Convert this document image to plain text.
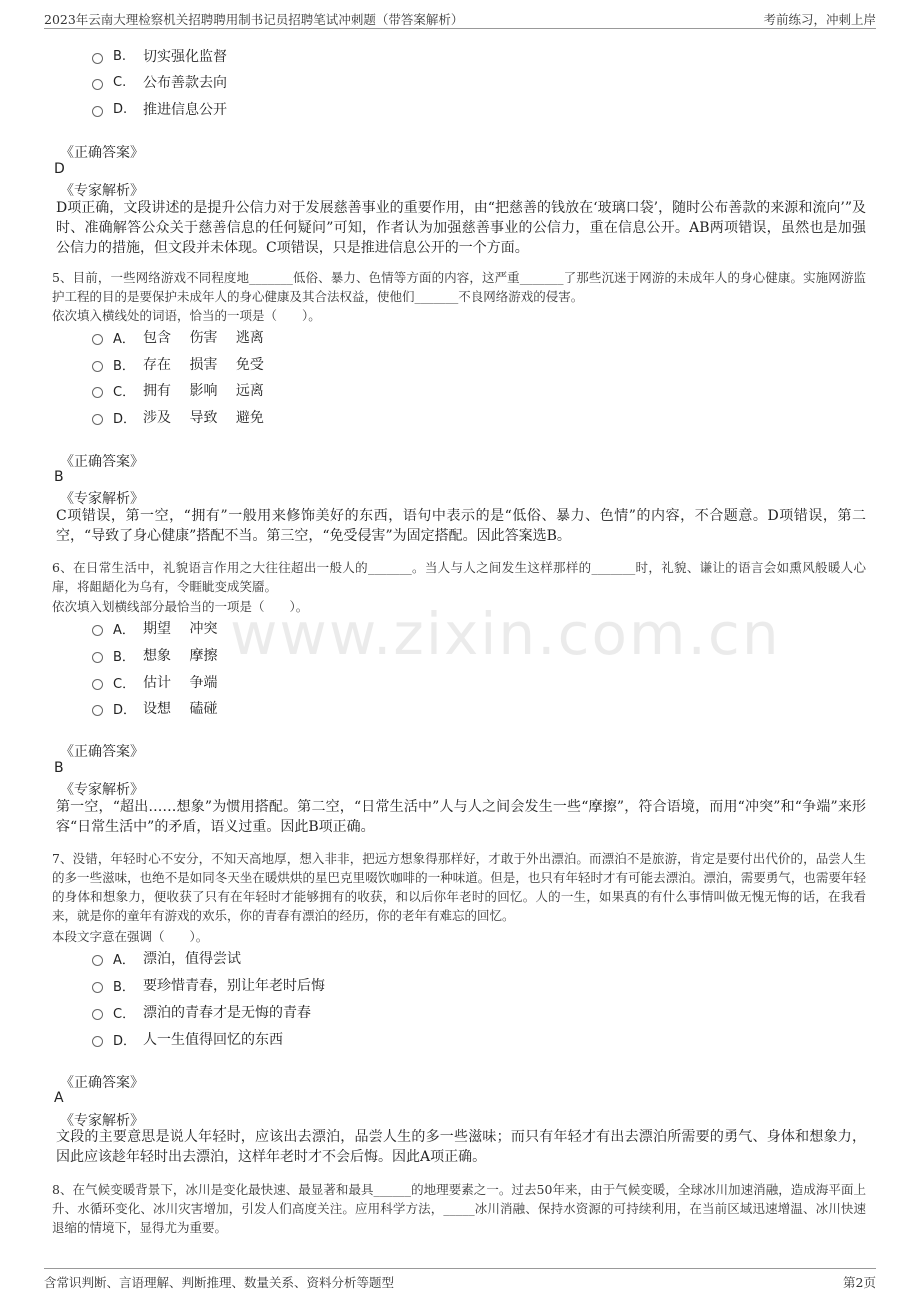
2023年云南大理检察机关招聘聘用制书记员招聘笔试冲刺题（带答案解析）	考前练习，冲刺上岸
www.zixin.com.cn
B.	切实强化监督
C.	公布善款去向
D.	推进信息公开
《正确答案》
D
《专家解析》
D项正确，文段讲述的是提升公信力对于发展慈善事业的重要作用，由“把慈善的钱放在‘玻璃口袋’，随时公布善款的来源和流向’”及时、准确解答公众关于慈善信息的任何疑问”可知，作者认为加强慈善事业的公信力，重在信息公开。AB两项错误，虽然也是加强公信力的措施，但文段并未体现。C项错误，只是推进信息公开的一个方面。
5、目前，一些网络游戏不同程度地_______低俗、暴力、色情等方面的内容，这严重_______了那些沉迷于网游的未成年人的身心健康。实施网游监护工程的目的是要保护未成年人的身心健康及其合法权益，使他们_______不良网络游戏的侵害。
依次填入横线处的词语，恰当的一项是（　　）。
A． 包含　 伤害　 逃离
B． 存在　 损害　 免受
C． 拥有　 影响　 远离
D． 涉及　 导致　 避免
《正确答案》
B
《专家解析》
C项错误，第一空，“拥有”一般用来修饰美好的东西，语句中表示的是“低俗、暴力、色情”的内容，不合题意。D项错误，第二空，“导致了身心健康”搭配不当。第三空，“免受侵害”为固定搭配。因此答案选B。
6、在日常生活中，礼貌语言作用之大往往超出一般人的_______。当人与人之间发生这样那样的_______时，礼貌、谦让的语言会如熏风般暖人心扉，将龃龉化为乌有，令睚眦变成笑靥。
依次填入划横线部分最恰当的一项是（　　）。
A． 期望　 冲突
B． 想象　 摩擦
C． 估计　 争端
D． 设想　 磕碰
《正确答案》
B
《专家解析》
第一空，“超出……想象”为惯用搭配。第二空，“日常生活中”人与人之间会发生一些“摩擦”，符合语境，而用“冲突”和“争端”来形容“日常生活中”的矛盾，语义过重。因此B项正确。
7、没错，年轻时心不安分，不知天高地厚，想入非非，把远方想象得那样好，才敢于外出漂泊。而漂泊不是旅游，肯定是要付出代价的，品尝人生的多一些滋味，也绝不是如同冬天坐在暖烘烘的星巴克里啜饮咖啡的一种味道。但是，也只有年轻时才有可能去漂泊。漂泊，需要勇气，也需要年轻的身体和想象力，便收获了只有在年轻时才能够拥有的收获，和以后你年老时的回忆。人的一生，如果真的有什么事情叫做无愧无悔的话，在我看来，就是你的童年有游戏的欢乐，你的青春有漂泊的经历，你的老年有难忘的回忆。
本段文字意在强调（　　）。
A． 漂泊，值得尝试
B． 要珍惜青春，别让年老时后悔
C． 漂泊的青春才是无悔的青春
D． 人一生值得回忆的东西
《正确答案》
A
《专家解析》
文段的主要意思是说人年轻时，应该出去漂泊，品尝人生的多一些滋味；而只有年轻才有出去漂泊所需要的勇气、身体和想象力，因此应该趁年轻时出去漂泊，这样年老时才不会后悔。因此A项正确。
8、在气候变暖背景下，冰川是变化最快速、最显著和最具______的地理要素之一。过去50年来，由于气候变暖，全球冰川加速消融，造成海平面上升、水循环变化、冰川灾害增加，引发人们高度关注。应用科学方法，_____冰川消融、保持水资源的可持续利用，在当前区域迅速增温、冰川快速退缩的情境下，显得尤为重要。
含常识判断、言语理解、判断推理、数量关系、资料分析等题型	第2页
